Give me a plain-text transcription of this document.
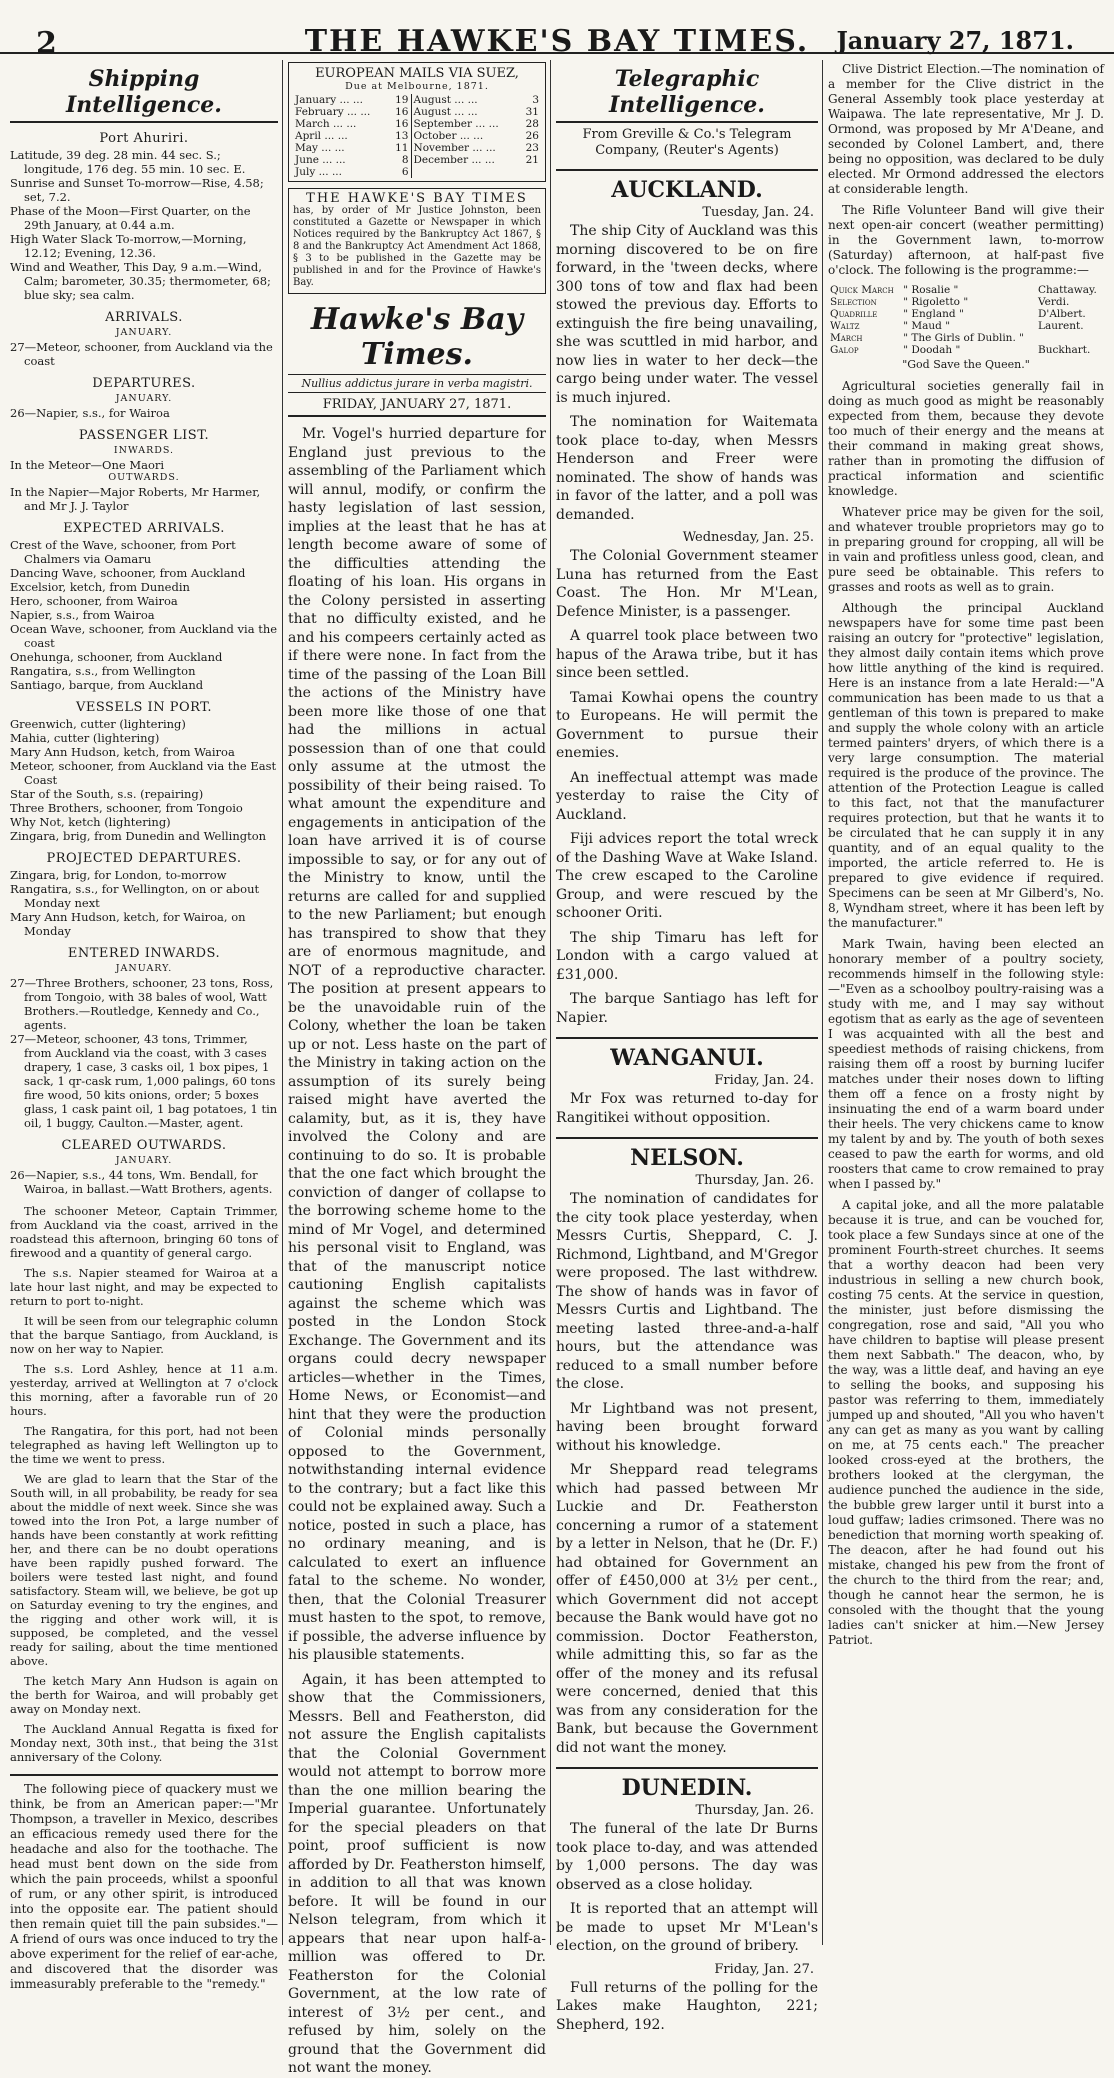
2	THE HAWKE'S BAY TIMES.	January 27, 1871.
Shipping Intelligence.
Port Ahuriri.
Latitude, 39 deg. 28 min. 44 sec. S.; longitude, 176 deg. 55 min. 10 sec. E.
Sunrise and Sunset To-morrow—Rise, 4.58; set, 7.2.
Phase of the Moon—First Quarter, on the 29th January, at 0.44 a.m.
High Water Slack To-morrow,—Morning, 12.12; Evening, 12.36.
Wind and Weather, This Day, 9 a.m.—Wind, Calm; barometer, 30.35; thermometer, 68; blue sky; sea calm.
ARRIVALS.
JANUARY.
27—Meteor, schooner, from Auckland via the coast
DEPARTURES.
JANUARY.
26—Napier, s.s., for Wairoa
PASSENGER LIST.
INWARDS.
In the Meteor—One Maori
OUTWARDS.
In the Napier—Major Roberts, Mr Harmer, and Mr J. J. Taylor
EXPECTED ARRIVALS.
Crest of the Wave, schooner, from Port Chalmers via Oamaru
Dancing Wave, schooner, from Auckland
Excelsior, ketch, from Dunedin
Hero, schooner, from Wairoa
Napier, s.s., from Wairoa
Ocean Wave, schooner, from Auckland via the coast
Onehunga, schooner, from Auckland
Rangatira, s.s., from Wellington
Santiago, barque, from Auckland
VESSELS IN PORT.
Greenwich, cutter (lightering)
Mahia, cutter (lightering)
Mary Ann Hudson, ketch, from Wairoa
Meteor, schooner, from Auckland via the East Coast
Star of the South, s.s. (repairing)
Three Brothers, schooner, from Tongoio
Why Not, ketch (lightering)
Zingara, brig, from Dunedin and Wellington
PROJECTED DEPARTURES.
Zingara, brig, for London, to-morrow
Rangatira, s.s., for Wellington, on or about Monday next
Mary Ann Hudson, ketch, for Wairoa, on Monday
ENTERED INWARDS.
JANUARY.
27—Three Brothers, schooner, 23 tons, Ross, from Tongoio, with 38 bales of wool, Watt Brothers.—Routledge, Kennedy and Co., agents.
27—Meteor, schooner, 43 tons, Trimmer, from Auckland via the coast, with 3 cases drapery, 1 case, 3 casks oil, 1 box pipes, 1 sack, 1 qr-cask rum, 1,000 palings, 60 tons fire wood, 50 kits onions, order; 5 boxes glass, 1 cask paint oil, 1 bag potatoes, 1 tin oil, 1 buggy, Caulton.—Master, agent.
CLEARED OUTWARDS.
JANUARY.
26—Napier, s.s., 44 tons, Wm. Bendall, for Wairoa, in ballast.—Watt Brothers, agents.

The schooner Meteor, Captain Trimmer, from Auckland via the coast, arrived in the roadstead this afternoon, bringing 60 tons of firewood and a quantity of general cargo.

The s.s. Napier steamed for Wairoa at a late hour last night, and may be expected to return to port to-night.

It will be seen from our telegraphic column that the barque Santiago, from Auckland, is now on her way to Napier.

The s.s. Lord Ashley, hence at 11 a.m. yesterday, arrived at Wellington at 7 o'clock this morning, after a favorable run of 20 hours.

The Rangatira, for this port, had not been telegraphed as having left Wellington up to the time we went to press.

We are glad to learn that the Star of the South will, in all probability, be ready for sea about the middle of next week. Since she was towed into the Iron Pot, a large number of hands have been constantly at work refitting her, and there can be no doubt operations have been rapidly pushed forward. The boilers were tested last night, and found satisfactory. Steam will, we believe, be got up on Saturday evening to try the engines, and the rigging and other work will, it is supposed, be completed, and the vessel ready for sailing, about the time mentioned above.

The ketch Mary Ann Hudson is again on the berth for Wairoa, and will probably get away on Monday next.

The Auckland Annual Regatta is fixed for Monday next, 30th inst., that being the 31st anniversary of the Colony.

The following piece of quackery must we think, be from an American paper:—"Mr Thompson, a traveller in Mexico, describes an efficacious remedy used there for the headache and also for the toothache. The head must bent down on the side from which the pain proceeds, whilst a spoonful of rum, or any other spirit, is introduced into the opposite ear. The patient should then remain quiet till the pain subsides."—A friend of ours was once induced to try the above experiment for the relief of ear-ache, and discovered that the disorder was immeasurably preferable to the "remedy."

EUROPEAN MAILS VIA SUEZ,
Due at Melbourne, 1871.
January ... ...	19	August ... ...	3
February ... ...	16	August ... ...	31
March ... ...	16	September ... ...	28
April ... ...	13	October ... ...	26
May ... ...	11	November ... ...	23
June ... ...	8	December ... ...	21
July ... ...	6		
THE HAWKE'S BAY TIMES
has, by order of Mr Justice Johnston, been constituted a Gazette or Newspaper in which Notices required by the Bankruptcy Act 1867, § 8 and the Bankruptcy Act Amendment Act 1868, § 3 to be published in the Gazette may be published in and for the Province of Hawke's Bay.
Hawke's Bay Times.
Nullius addictus jurare in verba magistri.
FRIDAY, JANUARY 27, 1871.

Mr. Vogel's hurried departure for England just previous to the assembling of the Parliament which will annul, modify, or confirm the hasty legislation of last session, implies at the least that he has at length become aware of some of the difficulties attending the floating of his loan. His organs in the Colony persisted in asserting that no difficulty existed, and he and his compeers certainly acted as if there were none. In fact from the time of the passing of the Loan Bill the actions of the Ministry have been more like those of one that had the millions in actual possession than of one that could only assume at the utmost the possibility of their being raised. To what amount the expenditure and engagements in anticipation of the loan have arrived it is of course impossible to say, or for any out of the Ministry to know, until the returns are called for and supplied to the new Parliament; but enough has transpired to show that they are of enormous magnitude, and NOT of a reproductive character. The position at present appears to be the unavoidable ruin of the Colony, whether the loan be taken up or not. Less haste on the part of the Ministry in taking action on the assumption of its surely being raised might have averted the calamity, but, as it is, they have involved the Colony and are continuing to do so. It is probable that the one fact which brought the conviction of danger of collapse to the borrowing scheme home to the mind of Mr Vogel, and determined his personal visit to England, was that of the manuscript notice cautioning English capitalists against the scheme which was posted in the London Stock Exchange. The Government and its organs could decry newspaper articles—whether in the Times, Home News, or Economist—and hint that they were the production of Colonial minds personally opposed to the Government, notwithstanding internal evidence to the contrary; but a fact like this could not be explained away. Such a notice, posted in such a place, has no ordinary meaning, and is calculated to exert an influence fatal to the scheme. No wonder, then, that the Colonial Treasurer must hasten to the spot, to remove, if possible, the adverse influence by his plausible statements.

Again, it has been attempted to show that the Commissioners, Messrs. Bell and Featherston, did not assure the English capitalists that the Colonial Government would not attempt to borrow more than the one million bearing the Imperial guarantee. Unfortunately for the special pleaders on that point, proof sufficient is now afforded by Dr. Featherston himself, in addition to all that was known before. It will be found in our Nelson telegram, from which it appears that near upon half-a-million was offered to Dr. Featherston for the Colonial Government, at the low rate of interest of 3½ per cent., and refused by him, solely on the ground that the Government did not want the money.

Telegraphic Intelligence.
From Greville & Co.'s Telegram Company, (Reuter's Agents)
AUCKLAND.
Tuesday, Jan. 24.

The ship City of Auckland was this morning discovered to be on fire forward, in the 'tween decks, where 300 tons of tow and flax had been stowed the previous day. Efforts to extinguish the fire being unavailing, she was scuttled in mid harbor, and now lies in water to her deck—the cargo being under water. The vessel is much injured.

The nomination for Waitemata took place to-day, when Messrs Henderson and Freer were nominated. The show of hands was in favor of the latter, and a poll was demanded.

Wednesday, Jan. 25.

The Colonial Government steamer Luna has returned from the East Coast. The Hon. Mr M'Lean, Defence Minister, is a passenger.

A quarrel took place between two hapus of the Arawa tribe, but it has since been settled.

Tamai Kowhai opens the country to Europeans. He will permit the Government to pursue their enemies.

An ineffectual attempt was made yesterday to raise the City of Auckland.

Fiji advices report the total wreck of the Dashing Wave at Wake Island. The crew escaped to the Caroline Group, and were rescued by the schooner Oriti.

The ship Timaru has left for London with a cargo valued at £31,000.

The barque Santiago has left for Napier.

WANGANUI.
Friday, Jan. 24.

Mr Fox was returned to-day for Rangitikei without opposition.

NELSON.
Thursday, Jan. 26.

The nomination of candidates for the city took place yesterday, when Messrs Curtis, Sheppard, C. J. Richmond, Lightband, and M'Gregor were proposed. The last withdrew. The show of hands was in favor of Messrs Curtis and Lightband. The meeting lasted three-and-a-half hours, but the attendance was reduced to a small number before the close.

Mr Lightband was not present, having been brought forward without his knowledge.

Mr Sheppard read telegrams which had passed between Mr Luckie and Dr. Featherston concerning a rumor of a statement by a letter in Nelson, that he (Dr. F.) had obtained for Government an offer of £450,000 at 3½ per cent., which Government did not accept because the Bank would have got no commission. Doctor Featherston, while admitting this, so far as the offer of the money and its refusal were concerned, denied that this was from any consideration for the Bank, but because the Government did not want the money.

DUNEDIN.
Thursday, Jan. 26.

The funeral of the late Dr Burns took place to-day, and was attended by 1,000 persons. The day was observed as a close holiday.

It is reported that an attempt will be made to upset Mr M'Lean's election, on the ground of bribery.

Friday, Jan. 27.

Full returns of the polling for the Lakes make Haughton, 221; Shepherd, 192.

Clive District Election.—The nomination of a member for the Clive district in the General Assembly took place yesterday at Waipawa. The late representative, Mr J. D. Ormond, was proposed by Mr A'Deane, and seconded by Colonel Lambert, and, there being no opposition, was declared to be duly elected. Mr Ormond addressed the electors at considerable length.

The Rifle Volunteer Band will give their next open-air concert (weather permitting) in the Government lawn, to-morrow (Saturday) afternoon, at half-past five o'clock. The following is the programme:—

Quick March	" Rosalie "	Chattaway.
Selection	" Rigoletto "	Verdi.
Quadrille	" England "	D'Albert.
Waltz	" Maud "	Laurent.
March	" The Girls of Dublin. "	
Galop	" Doodah "	Buckhart.
"God Save the Queen."

Agricultural societies generally fail in doing as much good as might be reasonably expected from them, because they devote too much of their energy and the means at their command in making great shows, rather than in promoting the diffusion of practical information and scientific knowledge.

Whatever price may be given for the soil, and whatever trouble proprietors may go to in preparing ground for cropping, all will be in vain and profitless unless good, clean, and pure seed be obtainable. This refers to grasses and roots as well as to grain.

Although the principal Auckland newspapers have for some time past been raising an outcry for "protective" legislation, they almost daily contain items which prove how little anything of the kind is required. Here is an instance from a late Herald:—"A communication has been made to us that a gentleman of this town is prepared to make and supply the whole colony with an article termed painters' dryers, of which there is a very large consumption. The material required is the produce of the province. The attention of the Protection League is called to this fact, not that the manufacturer requires protection, but that he wants it to be circulated that he can supply it in any quantity, and of an equal quality to the imported, the article referred to. He is prepared to give evidence if required. Specimens can be seen at Mr Gilberd's, No. 8, Wyndham street, where it has been left by the manufacturer."

Mark Twain, having been elected an honorary member of a poultry society, recommends himself in the following style:—"Even as a schoolboy poultry-raising was a study with me, and I may say without egotism that as early as the age of seventeen I was acquainted with all the best and speediest methods of raising chickens, from raising them off a roost by burning lucifer matches under their noses down to lifting them off a fence on a frosty night by insinuating the end of a warm board under their heels. The very chickens came to know my talent by and by. The youth of both sexes ceased to paw the earth for worms, and old roosters that came to crow remained to pray when I passed by."

A capital joke, and all the more palatable because it is true, and can be vouched for, took place a few Sundays since at one of the prominent Fourth-street churches. It seems that a worthy deacon had been very industrious in selling a new church book, costing 75 cents. At the service in question, the minister, just before dismissing the congregation, rose and said, "All you who have children to baptise will please present them next Sabbath." The deacon, who, by the way, was a little deaf, and having an eye to selling the books, and supposing his pastor was referring to them, immediately jumped up and shouted, "All you who haven't any can get as many as you want by calling on me, at 75 cents each." The preacher looked cross-eyed at the brothers, the brothers looked at the clergyman, the audience punched the audience in the side, the bubble grew larger until it burst into a loud guffaw; ladies crimsoned. There was no benediction that morning worth speaking of. The deacon, after he had found out his mistake, changed his pew from the front of the church to the third from the rear; and, though he cannot hear the sermon, he is consoled with the thought that the young ladies can't snicker at him.—New Jersey Patriot.
